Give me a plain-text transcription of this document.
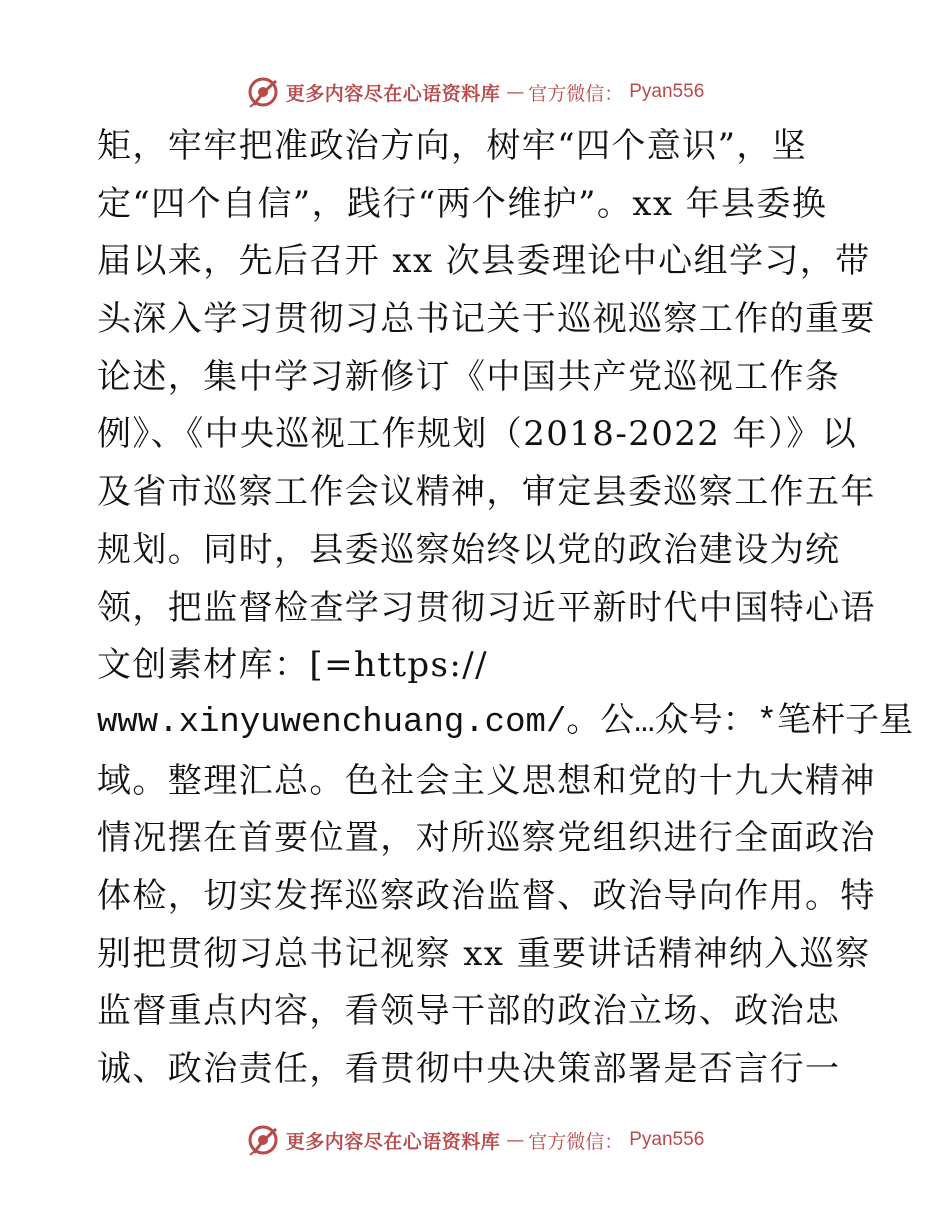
更多内容尽在心语资料库 — 官方微信： Pyan556
矩，牢牢把准政治方向，树牢“四个意识”，坚
定“四个自信”，践行“两个维护”。xx 年县委换
届以来，先后召开 xx 次县委理论中心组学习，带
头深入学习贯彻习总书记关于巡视巡察工作的重要
论述，集中学习新修订《中国共产党巡视工作条
例》、《中央巡视工作规划（2018-2022 年）》以
及省市巡察工作会议精神，审定县委巡察工作五年
规划。同时，县委巡察始终以党的政治建设为统
领，把监督检查学习贯彻习近平新时代中国特心语
文创素材库：[=https://
www.xinyuwenchuang.com/。公…众号：*笔杆子星
域。整理汇总。色社会主义思想和党的十九大精神
情况摆在首要位置，对所巡察党组织进行全面政治
体检，切实发挥巡察政治监督、政治导向作用。特
别把贯彻习总书记视察 xx 重要讲话精神纳入巡察
监督重点内容，看领导干部的政治立场、政治忠
诚、政治责任，看贯彻中央决策部署是否言行一
更多内容尽在心语资料库 — 官方微信： Pyan556
